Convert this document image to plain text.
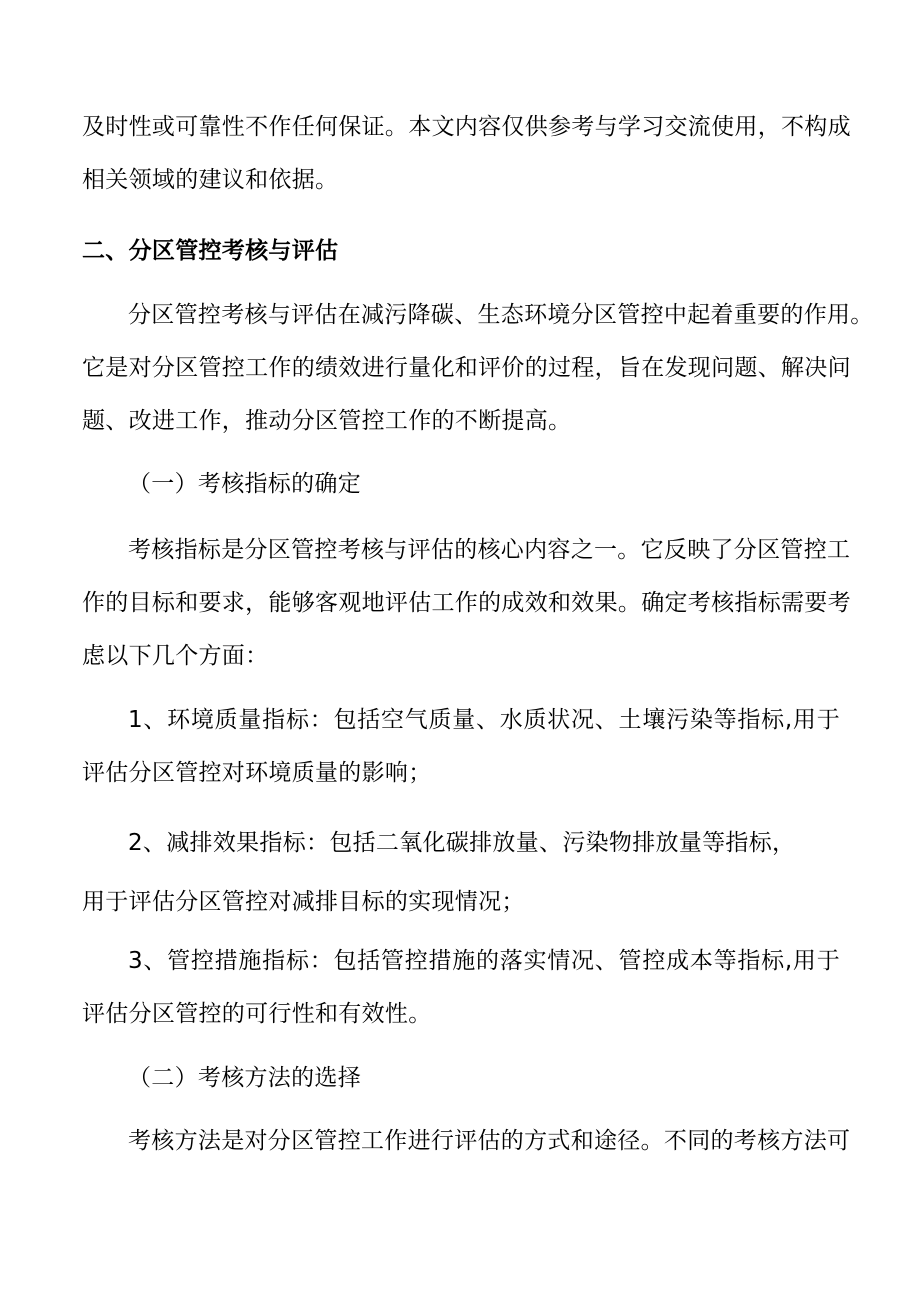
及时性或可靠性不作任何保证。本文内容仅供参考与学习交流使用，不构成
相关领域的建议和依据。
二、分区管控考核与评估
分区管控考核与评估在减污降碳、生态环境分区管控中起着重要的作用。
它是对分区管控工作的绩效进行量化和评价的过程，旨在发现问题、解决问
题、改进工作，推动分区管控工作的不断提高。
（一）考核指标的确定
考核指标是分区管控考核与评估的核心内容之一。它反映了分区管控工
作的目标和要求，能够客观地评估工作的成效和效果。确定考核指标需要考
虑以下几个方面：
1、环境质量指标：包括空气质量、水质状况、土壤污染等指标,用于
评估分区管控对环境质量的影响；
2、减排效果指标：包括二氧化碳排放量、污染物排放量等指标，
用于评估分区管控对减排目标的实现情况；
3、管控措施指标：包括管控措施的落实情况、管控成本等指标,用于
评估分区管控的可行性和有效性。
（二）考核方法的选择
考核方法是对分区管控工作进行评估的方式和途径。不同的考核方法可
